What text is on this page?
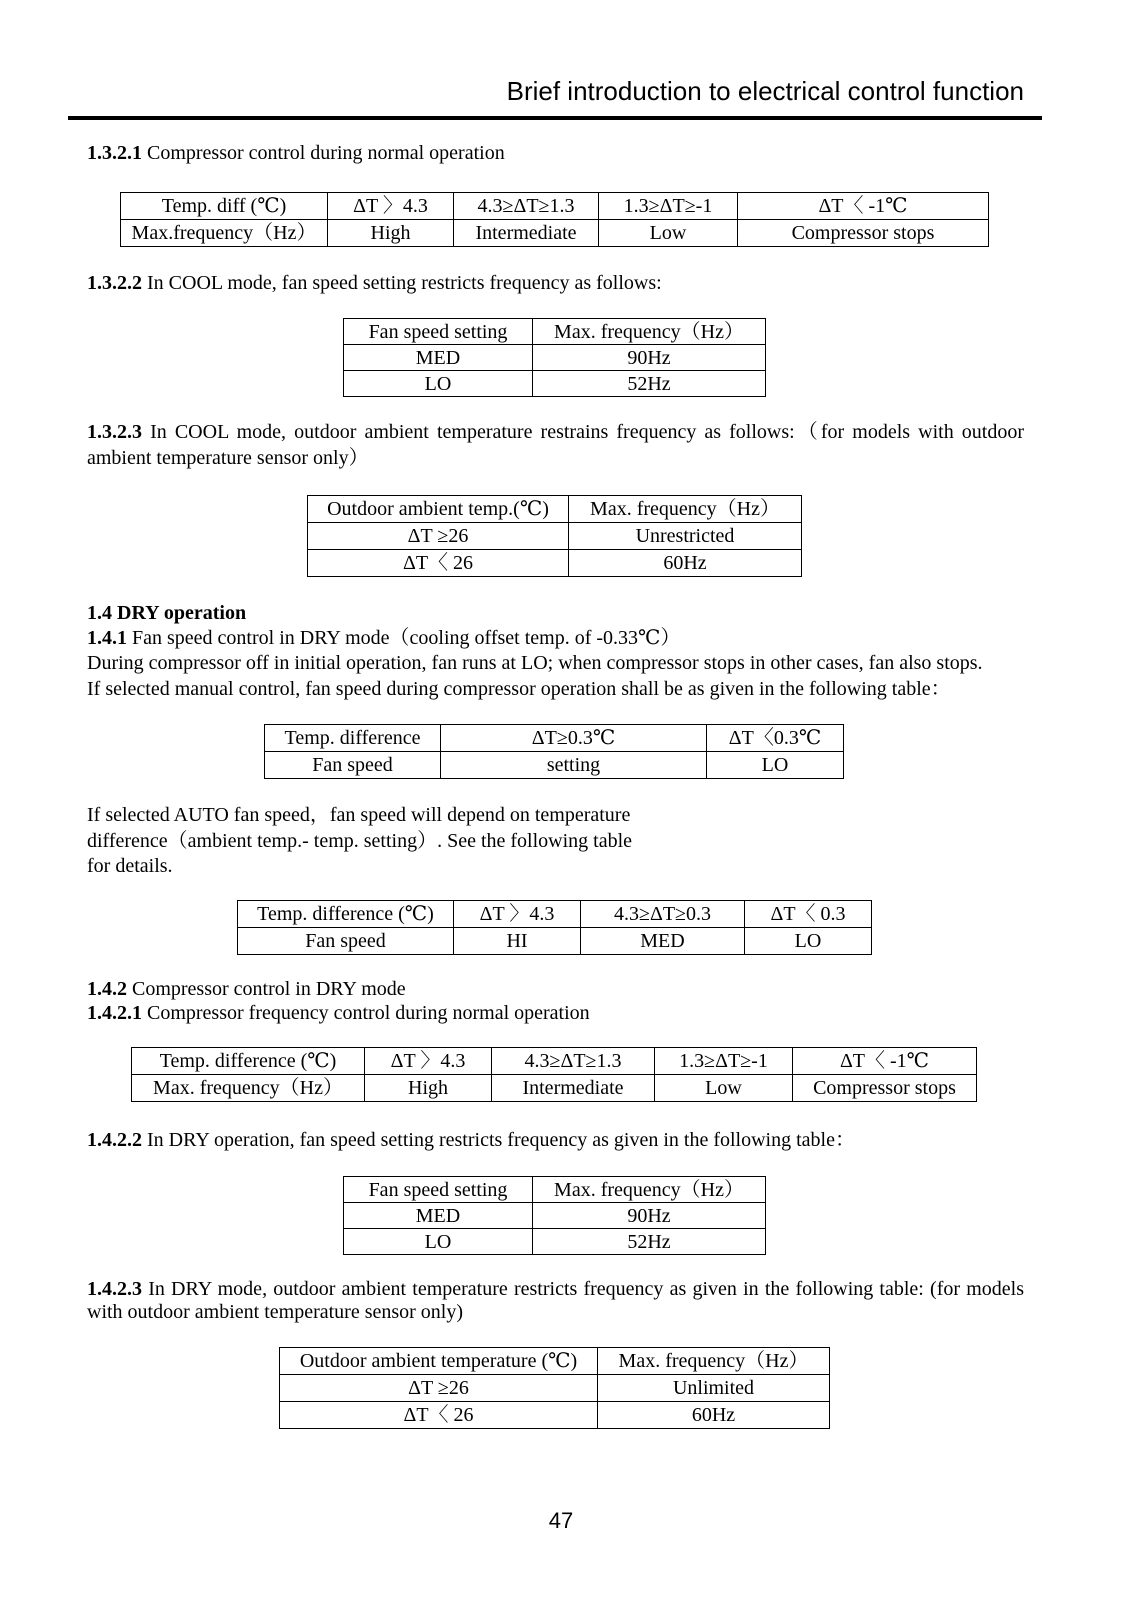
Brief introduction to electrical control function
1.3.2.1 Compressor control during normal operation
Temp. diff (℃)	ΔT 〉4.3	4.3≥ΔT≥1.3	1.3≥ΔT≥-1	ΔT〈 -1℃
Max.frequency（Hz）	High	Intermediate	Low	Compressor stops
1.3.2.2 In COOL mode, fan speed setting restricts frequency as follows:
Fan speed setting	Max. frequency（Hz）
MED	90Hz
LO	52Hz
1.3.2.3 In COOL mode, outdoor ambient temperature restrains frequency as follows:（for models with outdoor
ambient temperature sensor only）
Outdoor ambient temp.(℃)	Max. frequency（Hz）
ΔT ≥26	Unrestricted
ΔT〈 26	60Hz
1.4 DRY operation
1.4.1 Fan speed control in DRY mode（cooling offset temp. of -0.33℃）
During compressor off in initial operation, fan runs at LO; when compressor stops in other cases, fan also stops.
If selected manual control, fan speed during compressor operation shall be as given in the following table：
Temp. difference	ΔT≥0.3℃	ΔT〈0.3℃
Fan speed	setting	LO
If selected AUTO fan speed，fan speed will depend on temperature
difference（ambient temp.- temp. setting）. See the following table
for details.
Temp. difference (℃)	ΔT 〉4.3	4.3≥ΔT≥0.3	ΔT〈 0.3
Fan speed	HI	MED	LO
1.4.2 Compressor control in DRY mode
1.4.2.1 Compressor frequency control during normal operation
Temp. difference (℃)	ΔT 〉4.3	4.3≥ΔT≥1.3	1.3≥ΔT≥-1	ΔT〈 -1℃
Max. frequency（Hz）	High	Intermediate	Low	Compressor stops
1.4.2.2 In DRY operation, fan speed setting restricts frequency as given in the following table：
Fan speed setting	Max. frequency（Hz）
MED	90Hz
LO	52Hz
1.4.2.3 In DRY mode, outdoor ambient temperature restricts frequency as given in the following table: (for models
with outdoor ambient temperature sensor only)
Outdoor ambient temperature (℃)	Max. frequency（Hz）
ΔT ≥26	Unlimited
ΔT〈 26	60Hz
47
